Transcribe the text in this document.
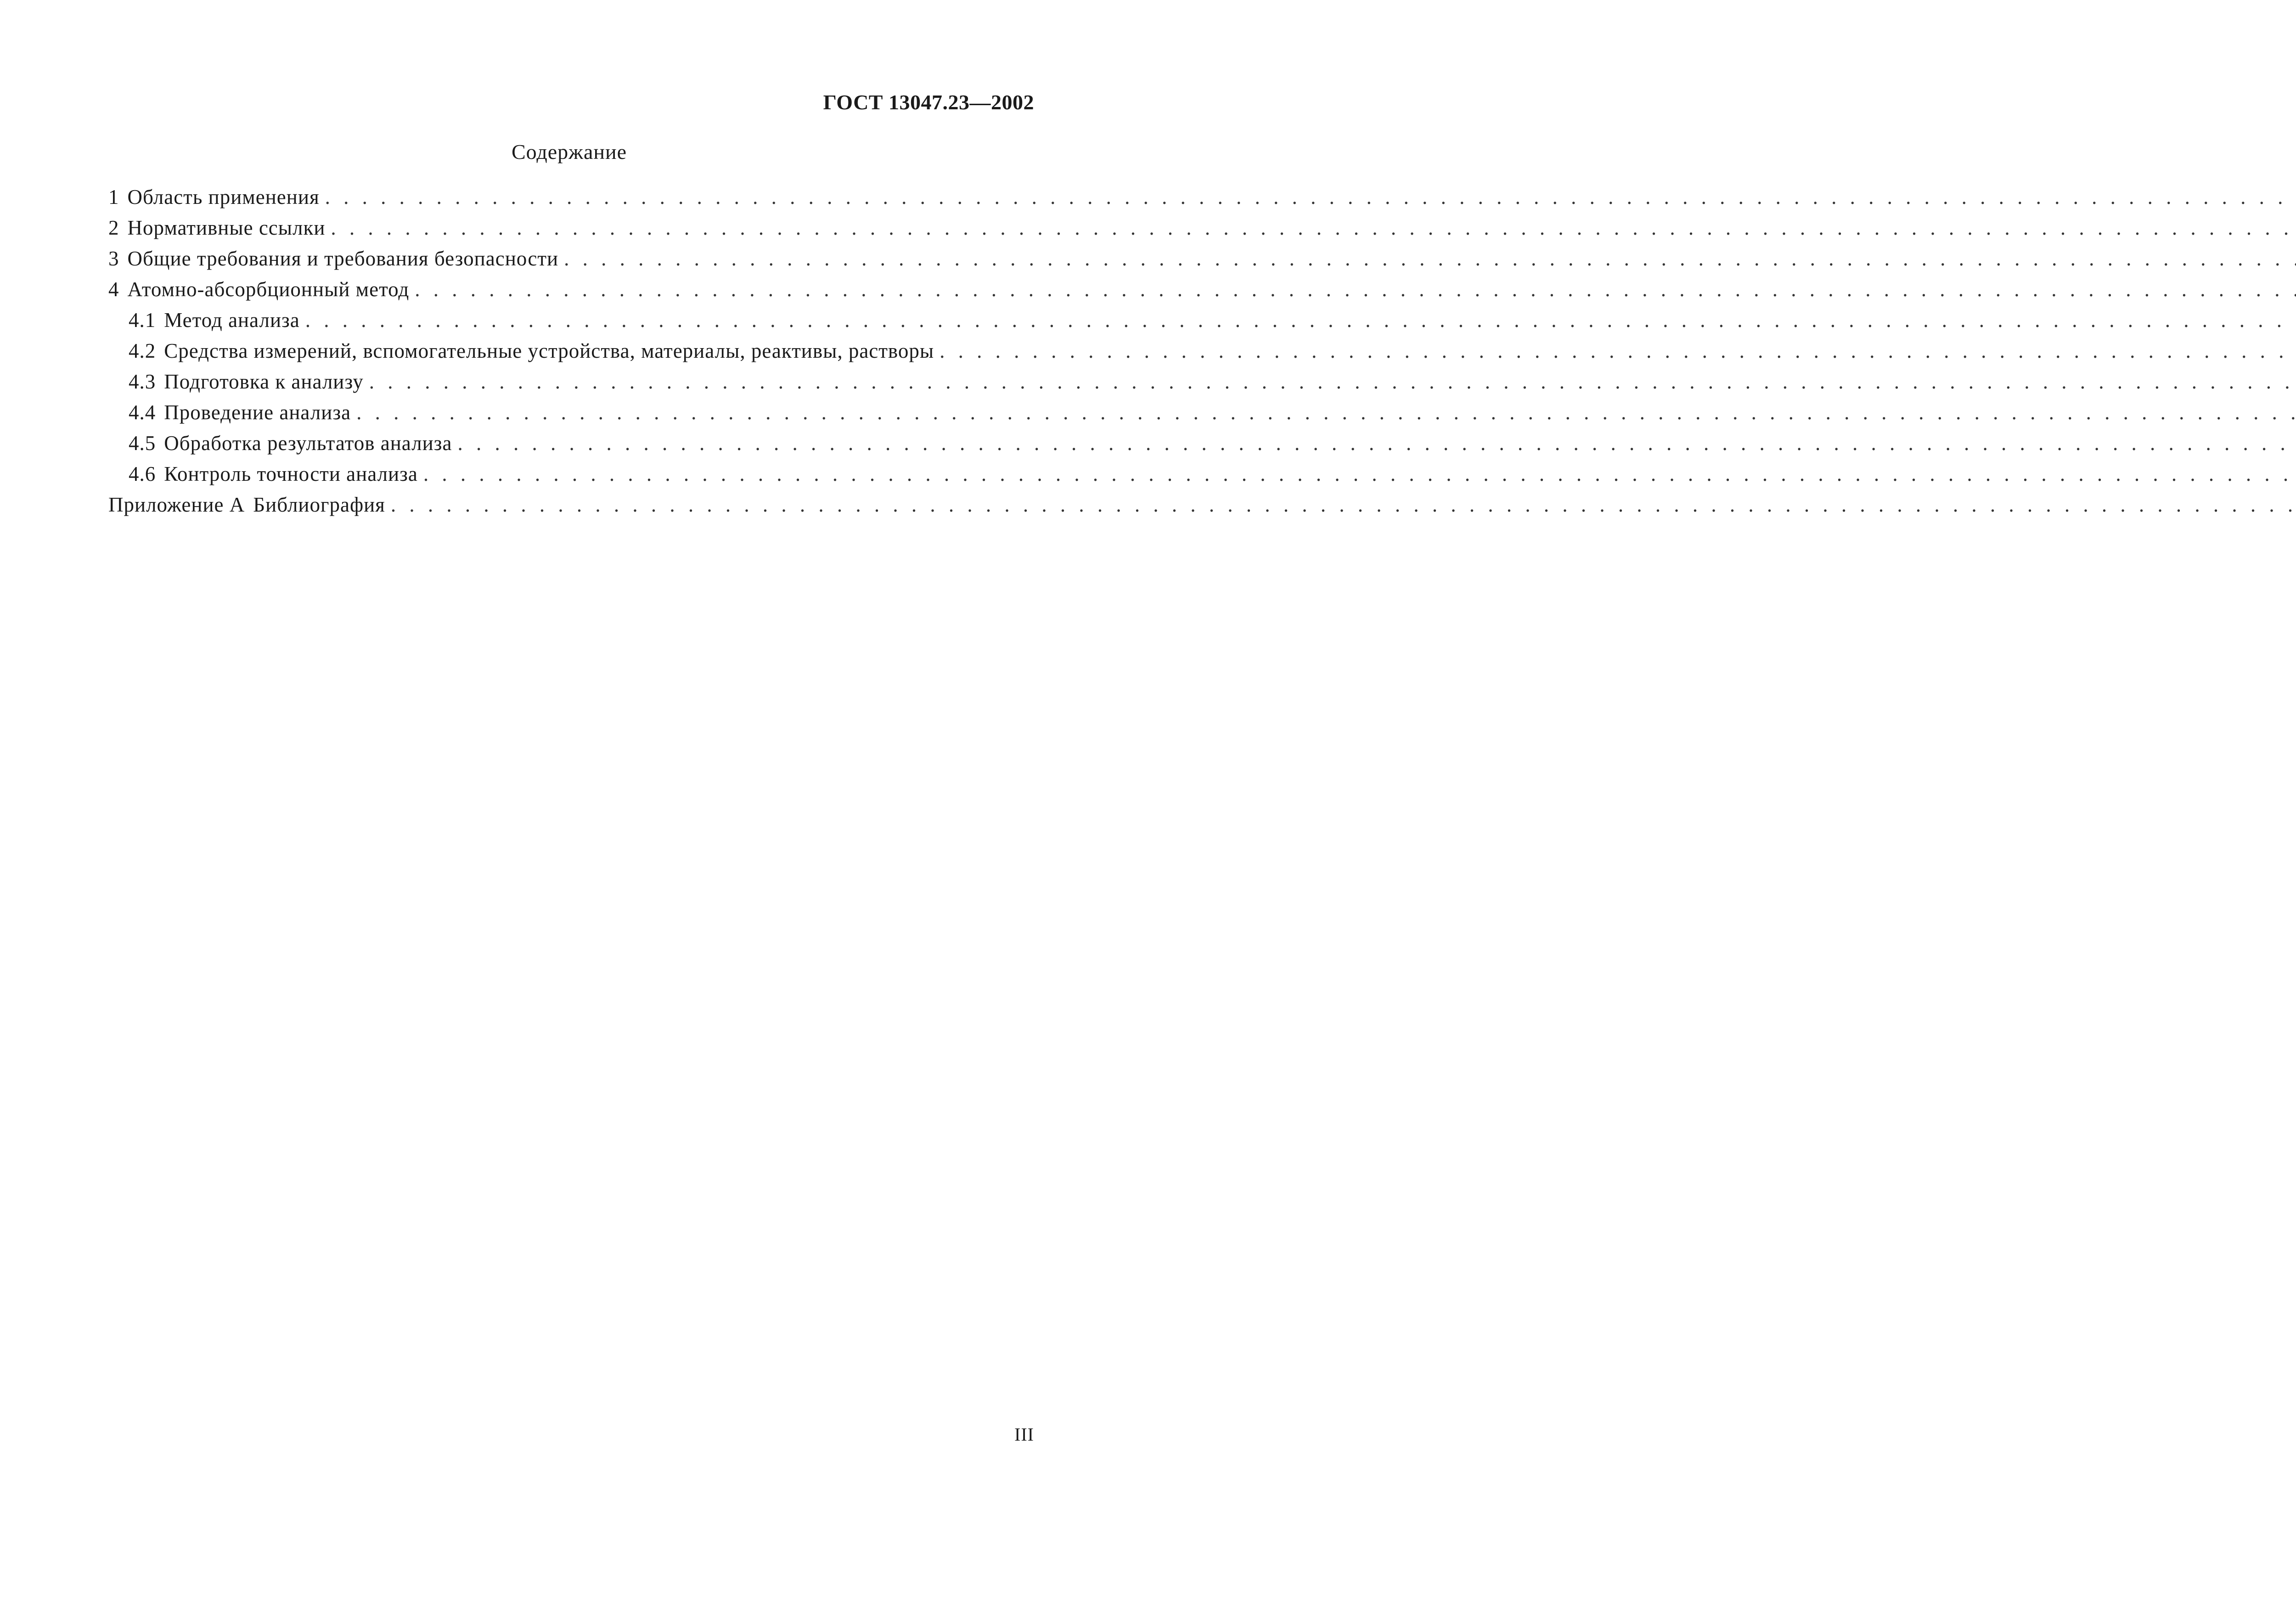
ГОСТ 13047.23—2002
Содержание
1 Область применения
. . .
2 Нормативные ссылки
. . .
3 Общие требования и требования безопасности
. . .
4 Атомно-абсорбционный метод
. . .
4.1 Метод анализа
. . .
4.2 Средства измерений, вспомогательные устройства, материалы, реактивы, растворы
. . .
4.3 Подготовка к анализу
. . .
4.4 Проведение анализа
. . .
4.5 Обработка результатов анализа
. . .
4.6 Контроль точности анализа
. . .
Приложение А Библиография
. . .
III
